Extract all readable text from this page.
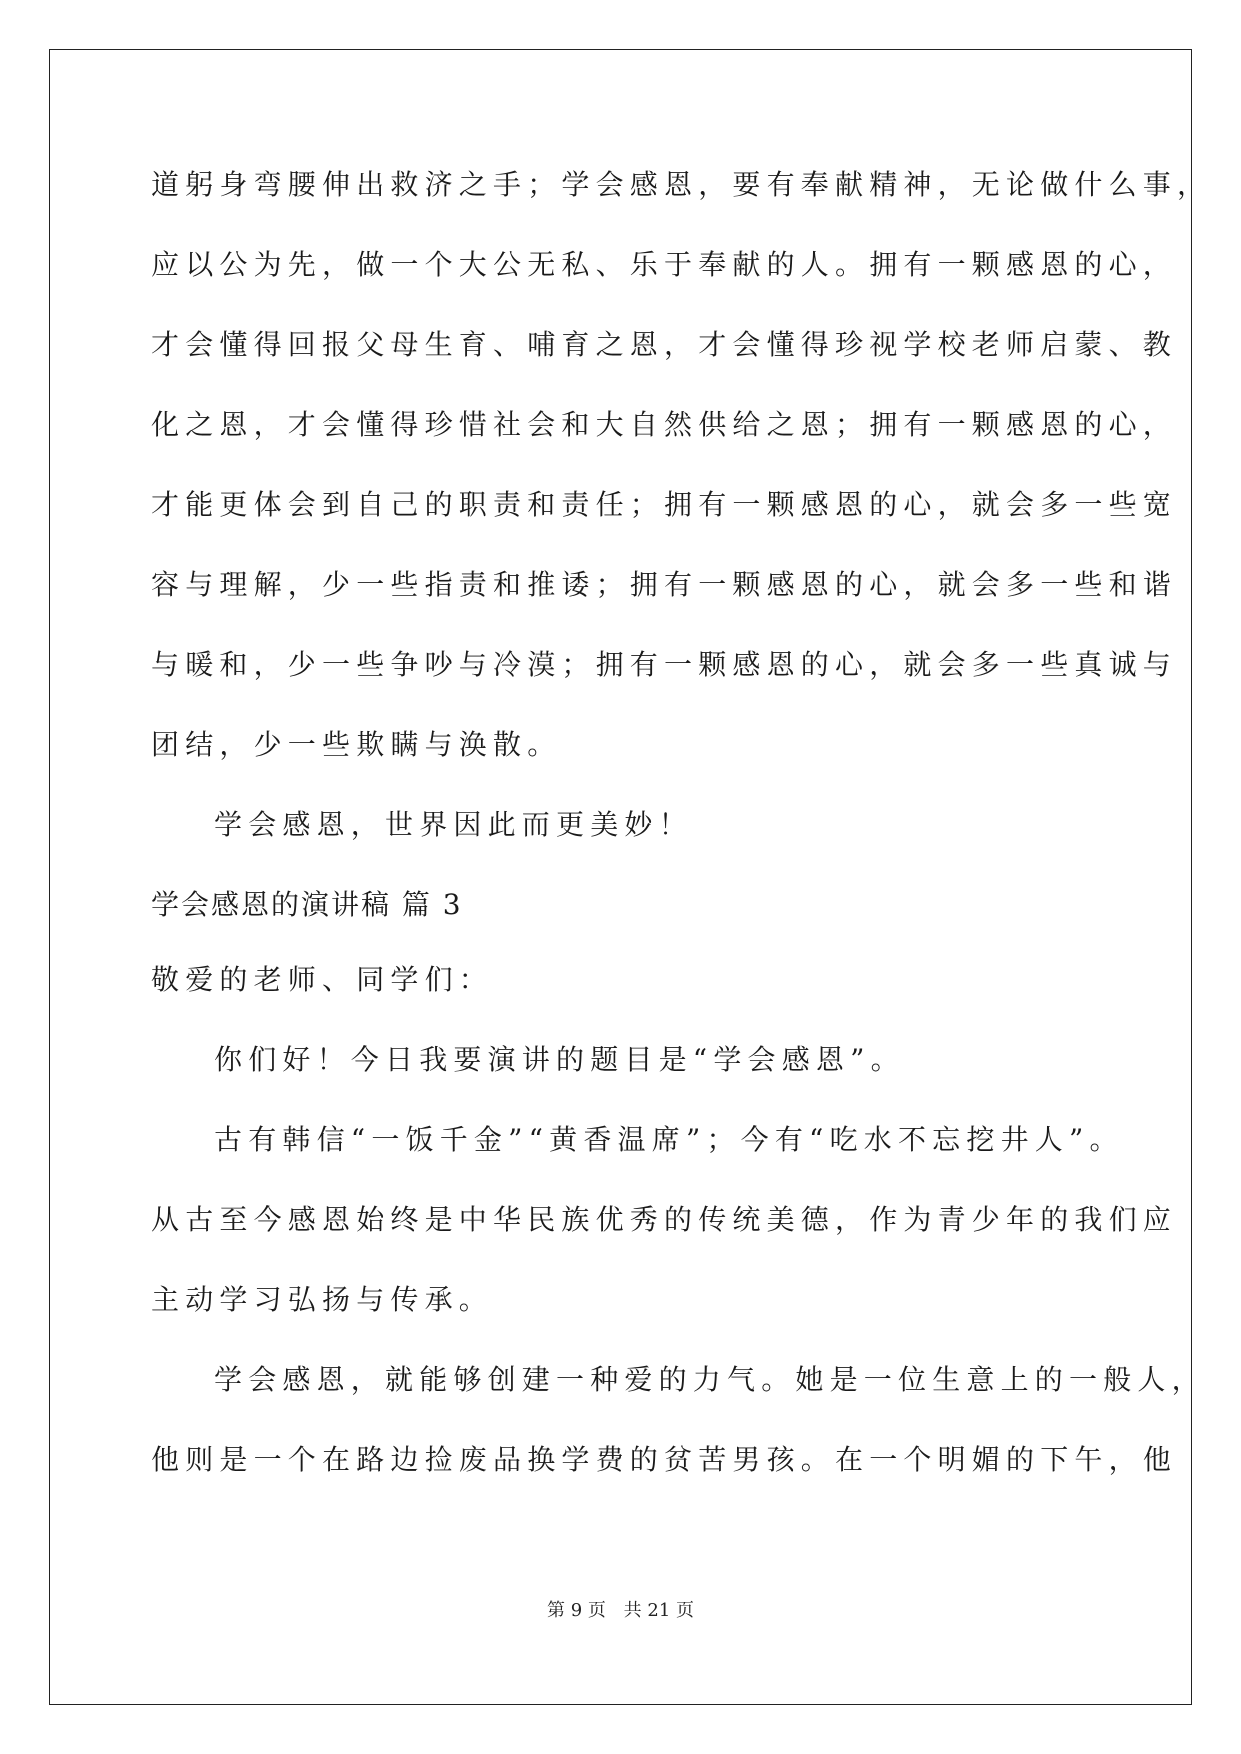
道躬身弯腰伸出救济之手；学会感恩，要有奉献精神，无论做什么事，
应以公为先，做一个大公无私、乐于奉献的人。拥有一颗感恩的心，
才会懂得回报父母生育、哺育之恩，才会懂得珍视学校老师启蒙、教
化之恩，才会懂得珍惜社会和大自然供给之恩；拥有一颗感恩的心，
才能更体会到自己的职责和责任；拥有一颗感恩的心，就会多一些宽
容与理解，少一些指责和推诿；拥有一颗感恩的心，就会多一些和谐
与暖和，少一些争吵与冷漠；拥有一颗感恩的心，就会多一些真诚与
团结，少一些欺瞒与涣散。
学会感恩，世界因此而更美妙！
学会感恩的演讲稿 篇 3
敬爱的老师、同学们：
你们好！今日我要演讲的题目是“学会感恩”。
古有韩信“一饭千金”“黄香温席”；今有“吃水不忘挖井人”。
从古至今感恩始终是中华民族优秀的传统美德，作为青少年的我们应
主动学习弘扬与传承。
学会感恩，就能够创建一种爱的力气。她是一位生意上的一般人，
他则是一个在路边捡废品换学费的贫苦男孩。在一个明媚的下午，他
第 9 页 共 21 页
